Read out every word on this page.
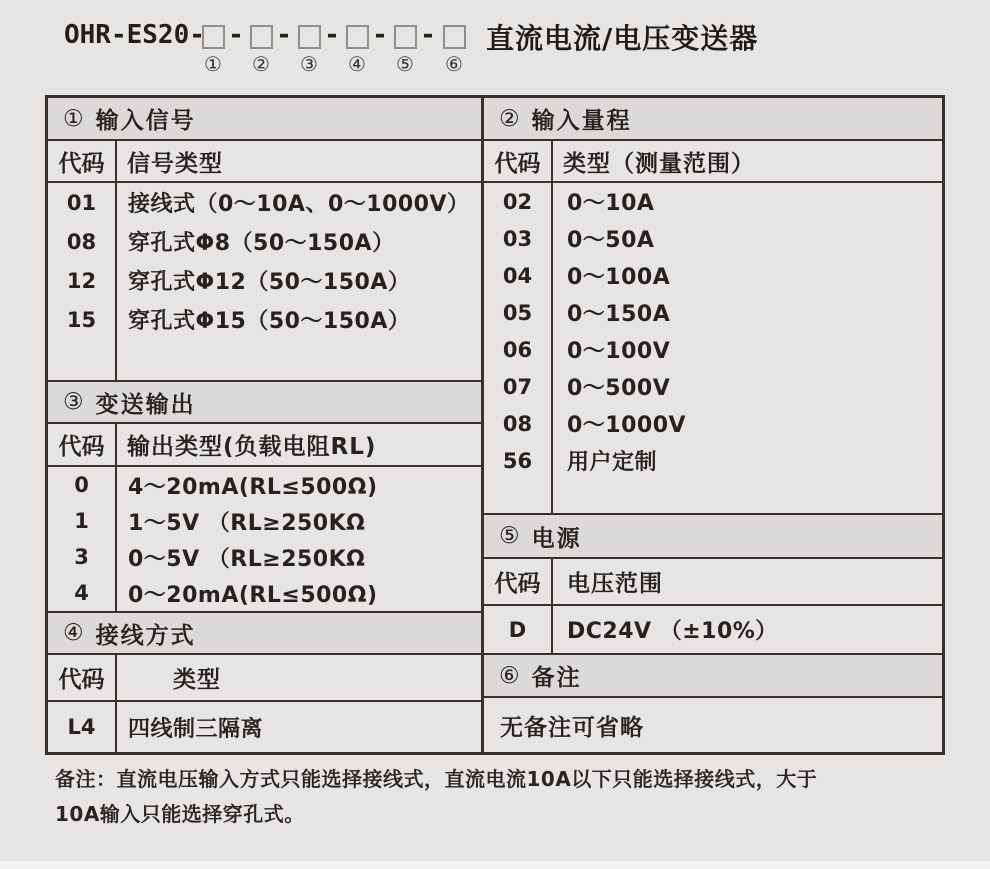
OHR-ES20- - - - - - 直流电流/电压变送器
①	②	③	④	⑤	⑥
① 输入信号
代码 信号类型
01	接线式（0～10A、0～1000V）
08	穿孔式Φ8（50～150A）
12	穿孔式Φ12（50～150A）
15	穿孔式Φ15（50～150A）
③ 变送输出
代码 输出类型(负载电阻RL)
0	4～20mA(RL≤500Ω)
1	1～5V （RL≥250KΩ
3	0～5V （RL≥250KΩ
4	0～20mA(RL≤500Ω)
④ 接线方式
代码	类型
L4	四线制三隔离
② 输入量程
代码 类型（测量范围）
02	0～10A
03	0～50A
04	0～100A
05	0～150A
06	0～100V
07	0～500V
08	0～1000V
56	用户定制
⑤ 电源
代码	电压范围
D	DC24V （±10%）
⑥ 备注
无备注可省略
备注：直流电压输入方式只能选择接线式，直流电流10A以下只能选择接线式，大于
10A输入只能选择穿孔式。
